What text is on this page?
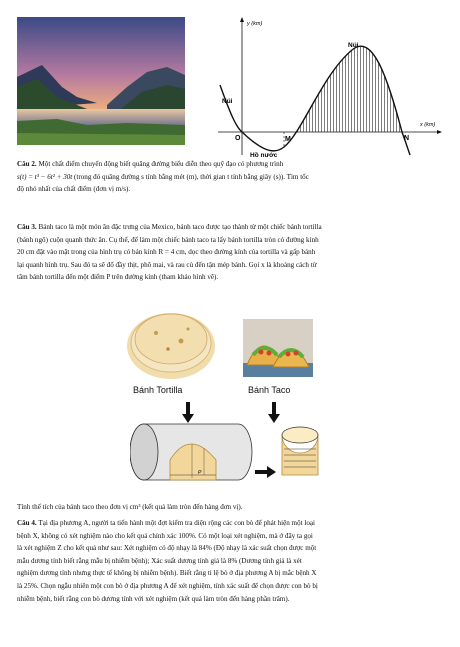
y (km)
x (km)
Núi
Núi
O	M	N
Hồ nước
Câu 2. Một chất điểm chuyển động biết quãng đường biểu diễn theo quỹ đạo có phương trình
s(t) = t³ − 6t² + 30t (trong đó quãng đường s tính bằng mét (m), thời gian t tính bằng giây (s)). Tìm tốc
độ nhỏ nhất của chất điểm (đơn vị m/s).
Câu 3. Bánh taco là một món ăn đặc trưng của Mexico, bánh taco được tạo thành từ một chiếc bánh tortilla
(bánh ngô) cuộn quanh thức ăn. Cụ thể, để làm một chiếc bánh taco ta lấy bánh tortilla tròn có đường kính
20 cm đặt vào mặt trong của hình trụ có bán kính R = 4 cm, dọc theo đường kính của tortilla và gấp bánh
lại quanh hình trụ. Sau đó ta sẽ đổ đầy thịt, phô mai, và rau củ đến tận mép bánh. Gọi x là khoảng cách từ
tâm bánh tortilla đến một điểm P trên đường kính (tham khảo hình vẽ).
Bánh Tortilla	Bánh Taco
P
Tính thể tích của bánh taco theo đơn vị cm³ (kết quả làm tròn đến hàng đơn vị).
Câu 4. Tại địa phương A, người ta tiến hành một đợt kiểm tra diện rộng các con bò để phát hiện một loại
bệnh X, không có xét nghiệm nào cho kết quả chính xác 100%. Có một loại xét nghiệm, mà ở đây ta gọi
là xét nghiệm Z cho kết quả như sau: Xét nghiệm có độ nhạy là 84% (Độ nhạy là xác suất chọn được một
mẫu dương tính biết rằng mẫu bị nhiễm bệnh); Xác suất dương tính giả là 8% (Dương tính giả là xét
nghiệm dương tính nhưng thực tế không bị nhiễm bệnh). Biết rằng tỉ lệ bò ở địa phương A bị mắc bệnh X
là 25%. Chọn ngẫu nhiên một con bò ở địa phương A để xét nghiệm, tính xác suất để chọn được con bò bị
nhiễm bệnh, biết rằng con bò dương tính với xét nghiệm (kết quả làm tròn đến hàng phần trăm).
